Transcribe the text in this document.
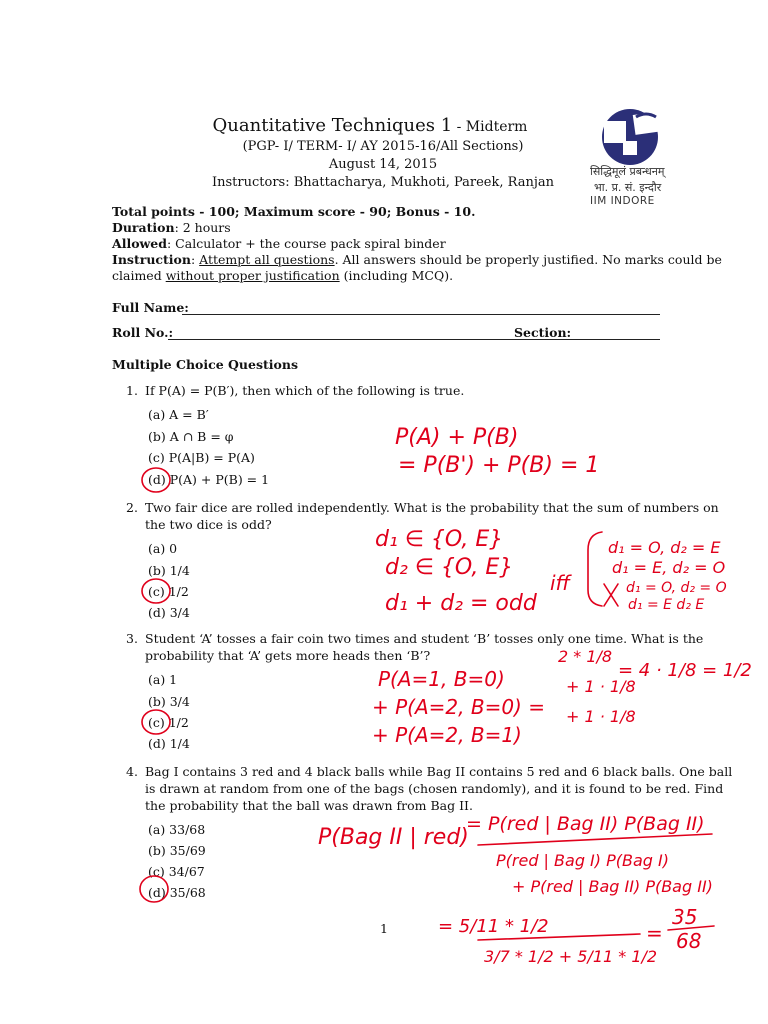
Quantitative Techniques 1 - Midterm
(PGP- I/ TERM- I/ AY 2015-16/All Sections)
August 14, 2015
Instructors: Bhattacharya, Mukhoti, Pareek, Ranjan
सिद्धिमूलं प्रबन्धनम्
भा. प्र. सं. इन्दौर
IIM INDORE
Total points - 100; Maximum score - 90; Bonus - 10.
Duration: 2 hours
Allowed: Calculator + the course pack spiral binder
Instruction: Attempt all questions. All answers should be properly justified. No marks could be
claimed without proper justification (including MCQ).
Full Name:
Roll No.:	Section:
Multiple Choice Questions
1. If P(A) = P(B′), then which of the following is true.
(a) A = B′
(b) A ∩ B = φ
(c) P(A|B) = P(A)
(d) P(A) + P(B) = 1
2. Two fair dice are rolled independently. What is the probability that the sum of numbers on
the two dice is odd?
(a) 0
(b) 1/4
(c) 1/2
(d) 3/4
3. Student ‘A’ tosses a fair coin two times and student ‘B’ tosses only one time. What is the
probability that ‘A’ gets more heads then ‘B’?
(a) 1
(b) 3/4
(c) 1/2
(d) 1/4
4. Bag I contains 3 red and 4 black balls while Bag II contains 5 red and 6 black balls. One ball
is drawn at random from one of the bags (chosen randomly), and it is found to be red. Find
the probability that the ball was drawn from Bag II.
(a) 33/68
(b) 35/69
(c) 34/67
(d) 35/68
1
P(A) + P(B)
= P(B') + P(B) = 1
d₁ ∈ {O, E}
d₂ ∈ {O, E}
d₁ + d₂ = odd
iff
d₁ = O, d₂ = E
d₁ = E, d₂ = O
d₁ = O, d₂ = O
d₁ = E d₂ E
P(A=1, B=0)
+ P(A=2, B=0) =
+ P(A=2, B=1)
2 * 1/8
+ 1 · 1/8
+ 1 · 1/8
= 4 · 1/8 = 1/2
P(Bag II | red)
= P(red | Bag II) P(Bag II)
P(red | Bag I) P(Bag I)
+ P(red | Bag II) P(Bag II)
= 5/11 * 1/2
3/7 * 1/2 + 5/11 * 1/2
=
35
68
